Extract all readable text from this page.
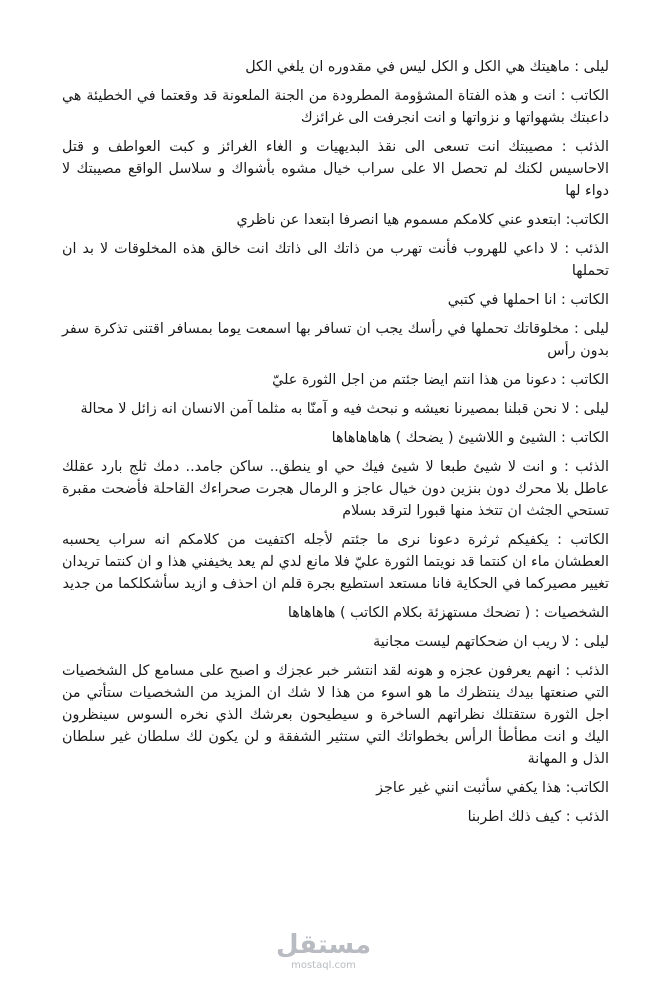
ليلى : ماهيتك هي الكل و الكل ليس في مقدوره ان يلغي الكل

الكاتب : انت و هذه الفتاة المشؤومة المطرودة من الجنة الملعونة قد وقعتما في الخطيئة هي داعبتك بشهواتها و نزواتها و انت انجرفت الى غرائزك

الذئب : مصيبتك انت تسعى الى نقذ البديهيات و الغاء الغرائز و كبت العواطف و قتل الاحاسيس لكنك لم تحصل الا على سراب خيال مشوه بأشواك و سلاسل الواقع مصيبتك لا دواء لها

الكاتب: ابتعدو عني كلامكم مسموم هيا انصرفا ابتعدا عن ناظري

الذئب : لا داعي للهروب فأنت تهرب من ذاتك الى ذاتك انت خالق هذه المخلوقات لا بد ان تحملها

الكاتب : انا احملها في كتبي

ليلى : مخلوقاتك تحملها في رأسك يجب ان تسافر بها اسمعت يوما بمسافر اقتنى تذكرة سفر بدون رأس

الكاتب : دعونا من هذا انتم ايضا جئتم من اجل الثورة عليّ

ليلى : لا نحن قبلنا بمصيرنا نعيشه و نبحث فيه و آمنّا به مثلما آمن الانسان انه زائل لا محالة

الكاتب : الشيئ و اللاشيئ ( يضحك ) هاهاهاهاها

الذئب : و انت لا شيئ طبعا لا شيئ فيك حي او ينطق.. ساكن جامد.. دمك ثلج بارد عقلك عاطل بلا محرك دون بنزين دون خيال عاجز و الرمال هجرت صحراءك القاحلة فأضحت مقبرة تستحي الجثث ان تتخذ منها قبورا لترقد بسلام

الكاتب : يكفيكم ثرثرة دعونا نرى ما جئتم لأجله اكتفيت من كلامكم انه سراب يحسبه العطشان ماء ان كنتما قد نويتما الثورة عليّ فلا مانع لدي لم يعد يخيفني هذا و ان كنتما تريدان تغيير مصيركما في الحكاية فانا مستعد استطيع بجرة قلم ان احذف و ازيد سأشكلكما من جديد

الشخصيات : ( تضحك مستهزئة بكلام الكاتب ) هاهاهاها

ليلى : لا ريب ان ضحكاتهم ليست مجانية

الذئب : انهم يعرفون عجزه و هونه لقد انتشر خبر عجزك و اصبح على مسامع كل الشخصيات التي صنعتها بيدك ينتظرك ما هو اسوء من هذا لا شك ان المزيد من الشخصيات ستأتي من اجل الثورة ستقتلك نظراتهم الساخرة و سيطيحون بعرشك الذي نخره السوس سينظرون اليك و انت مطأطأ الرأس بخطواتك التي ستثير الشفقة و لن يكون لك سلطان غير سلطان الذل و المهانة

الكاتب: هذا يكفي سأثبت انني غير عاجز

الذئب : كيف ذلك اطربنا

مستقل
mostaql.com
